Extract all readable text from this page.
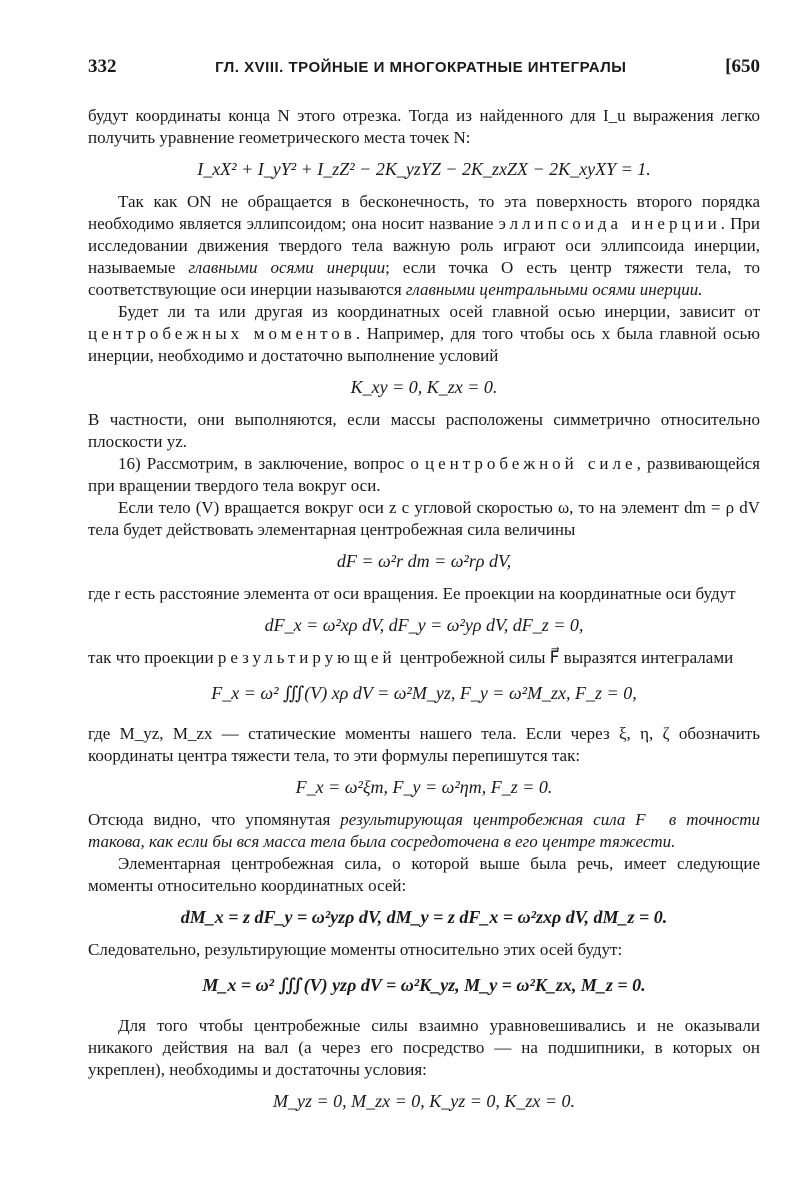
332	ГЛ. XVIII. ТРОЙНЫЕ И МНОГОКРАТНЫЕ ИНТЕГРАЛЫ	[650

будут координаты конца N этого отрезка. Тогда из найденного для I_u выражения легко получить уравнение геометрического места точек N:

I_xX² + I_yY² + I_zZ² − 2K_yzYZ − 2K_zxZX − 2K_xyXY = 1.

Так как ON не обращается в бесконечность, то эта поверхность второго порядка необходимо является эллипсоидом; она носит название эллипсоида инерции. При исследовании движения твердого тела важную роль играют оси эллипсоида инерции, называемые главными осями инерции; если точка O есть центр тяжести тела, то соответствующие оси инерции называются главными центральными осями инерции.

Будет ли та или другая из координатных осей главной осью инерции, зависит от центробежных моментов. Например, для того чтобы ось x была главной осью инерции, необходимо и достаточно выполнение условий

K_xy = 0, K_zx = 0.

В частности, они выполняются, если массы расположены симметрично относительно плоскости yz.

16) Рассмотрим, в заключение, вопрос о центробежной силе, развивающейся при вращении твердого тела вокруг оси.

Если тело (V) вращается вокруг оси z с угловой скоростью ω, то на элемент dm = ρ dV тела будет действовать элементарная центробежная сила величины

dF = ω²r dm = ω²rρ dV,

где r есть расстояние элемента от оси вращения. Ее проекции на координатные оси будут

dF_x = ω²xρ dV, dF_y = ω²yρ dV, dF_z = 0,

так что проекции результирующей центробежной силы F⃗ выразятся интегралами

F_x = ω² ∭(V) xρ dV = ω²M_yz, F_y = ω²M_zx, F_z = 0,

где M_yz, M_zx — статические моменты нашего тела. Если через ξ, η, ζ обозначить координаты центра тяжести тела, то эти формулы перепишутся так:

F_x = ω²ξm, F_y = ω²ηm, F_z = 0.

Отсюда видно, что упомянутая результирующая центробежная сила F⃗ в точности такова, как если бы вся масса тела была сосредоточена в его центре тяжести.

Элементарная центробежная сила, о которой выше была речь, имеет следующие моменты относительно координатных осей:

dM_x = z dF_y = ω²yzρ dV, dM_y = z dF_x = ω²zxρ dV, dM_z = 0.

Следовательно, результирующие моменты относительно этих осей будут:

M_x = ω² ∭(V) yzρ dV = ω²K_yz, M_y = ω²K_zx, M_z = 0.

Для того чтобы центробежные силы взаимно уравновешивались и не оказывали никакого действия на вал (а через его посредство — на подшипники, в которых он укреплен), необходимы и достаточны условия:

M_yz = 0, M_zx = 0, K_yz = 0, K_zx = 0.
